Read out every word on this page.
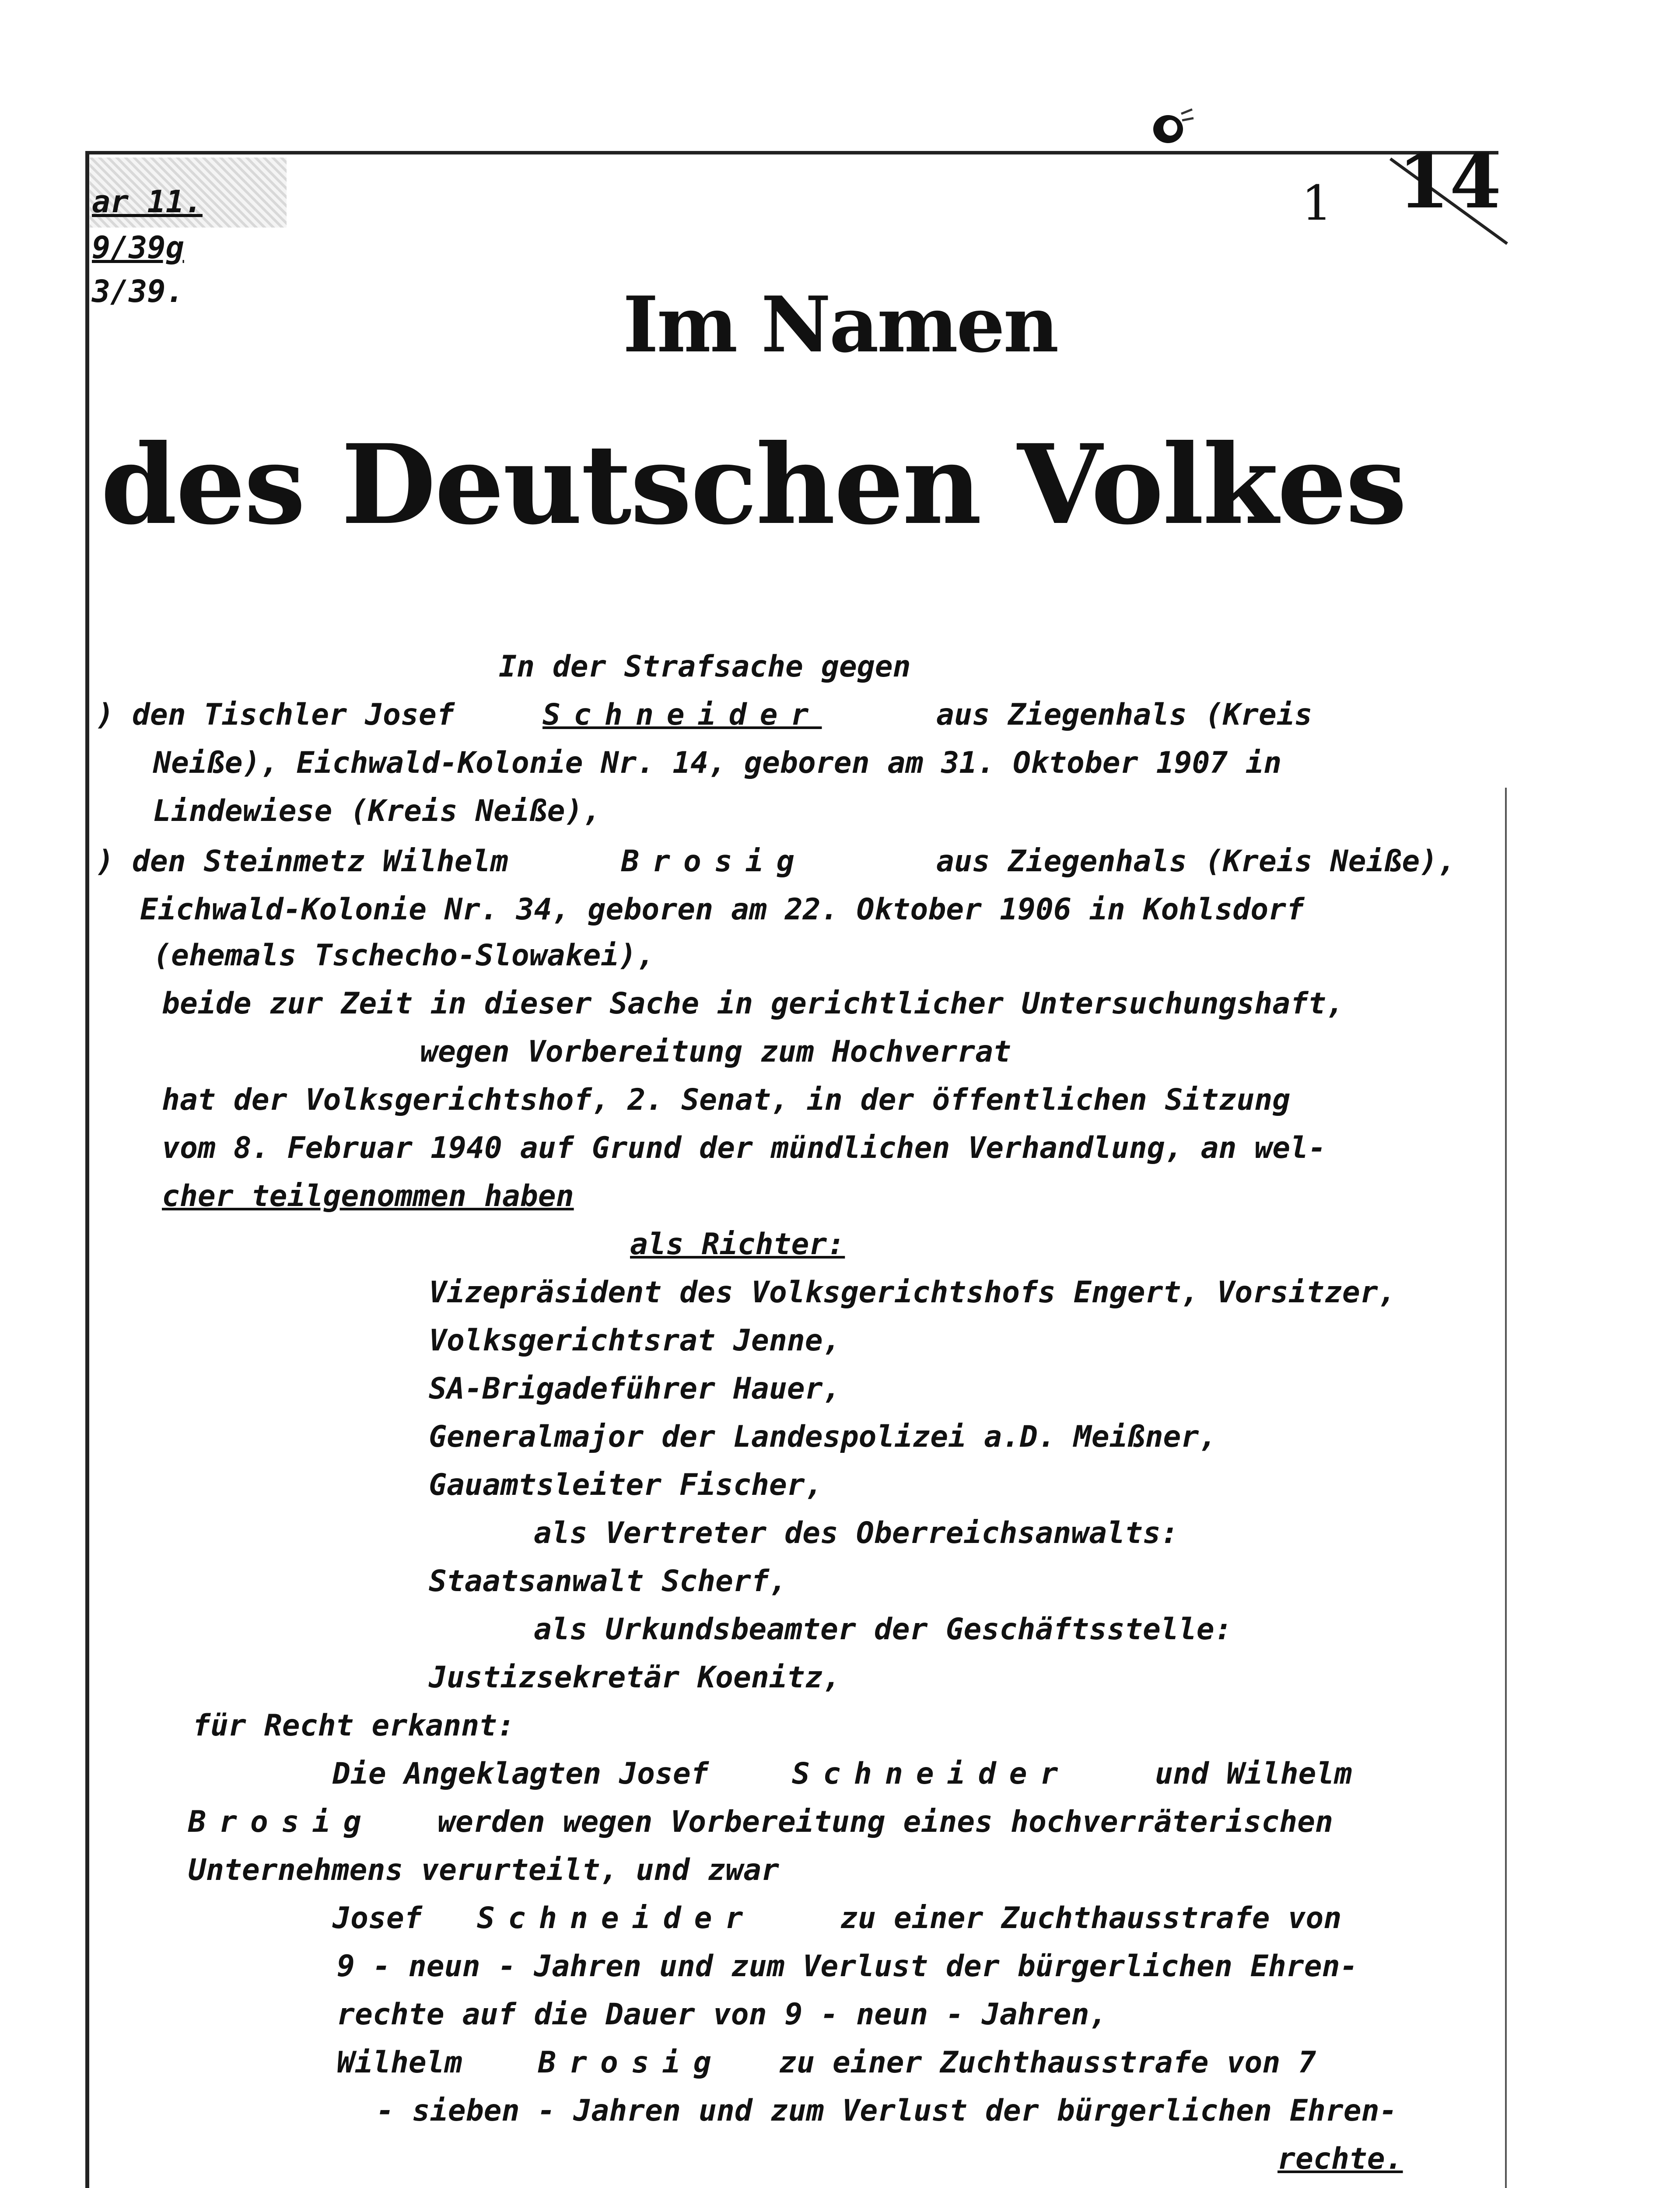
ar 11.
9/39g
3/39.
1 14
Im Namen
des Deutschen Volkes
In der Strafsache gegen
) den Tischler Josef	Schneider	aus Ziegenhals (Kreis
Neiße), Eichwald-Kolonie Nr. 14, geboren am 31. Oktober 1907 in
Lindewiese (Kreis Neiße),
) den Steinmetz Wilhelm	Brosig	aus Ziegenhals (Kreis Neiße),
Eichwald-Kolonie Nr. 34, geboren am 22. Oktober 1906 in Kohlsdorf
(ehemals Tschecho-Slowakei),
beide zur Zeit in dieser Sache in gerichtlicher Untersuchungshaft,
wegen Vorbereitung zum Hochverrat
hat der Volksgerichtshof, 2. Senat, in der öffentlichen Sitzung
vom 8. Februar 1940 auf Grund der mündlichen Verhandlung, an wel-
cher teilgenommen haben
als Richter:
Vizepräsident des Volksgerichtshofs Engert, Vorsitzer,
Volksgerichtsrat Jenne,
SA-Brigadeführer Hauer,
Generalmajor der Landespolizei a.D. Meißner,
Gauamtsleiter Fischer,
als Vertreter des Oberreichsanwalts:
Staatsanwalt Scherf,
als Urkundsbeamter der Geschäftsstelle:
Justizsekretär Koenitz,
für Recht erkannt:
Die Angeklagten Josef	Schneider	und Wilhelm
Brosig werden wegen Vorbereitung eines hochverräterischen
Unternehmens verurteilt, und zwar
Josef Schneider	zu einer Zuchthausstrafe von
9 - neun - Jahren und zum Verlust der bürgerlichen Ehren-
rechte auf die Dauer von 9 - neun - Jahren,
Wilhelm	Brosig zu einer Zuchthausstrafe von 7
- sieben - Jahren und zum Verlust der bürgerlichen Ehren-
rechte.
